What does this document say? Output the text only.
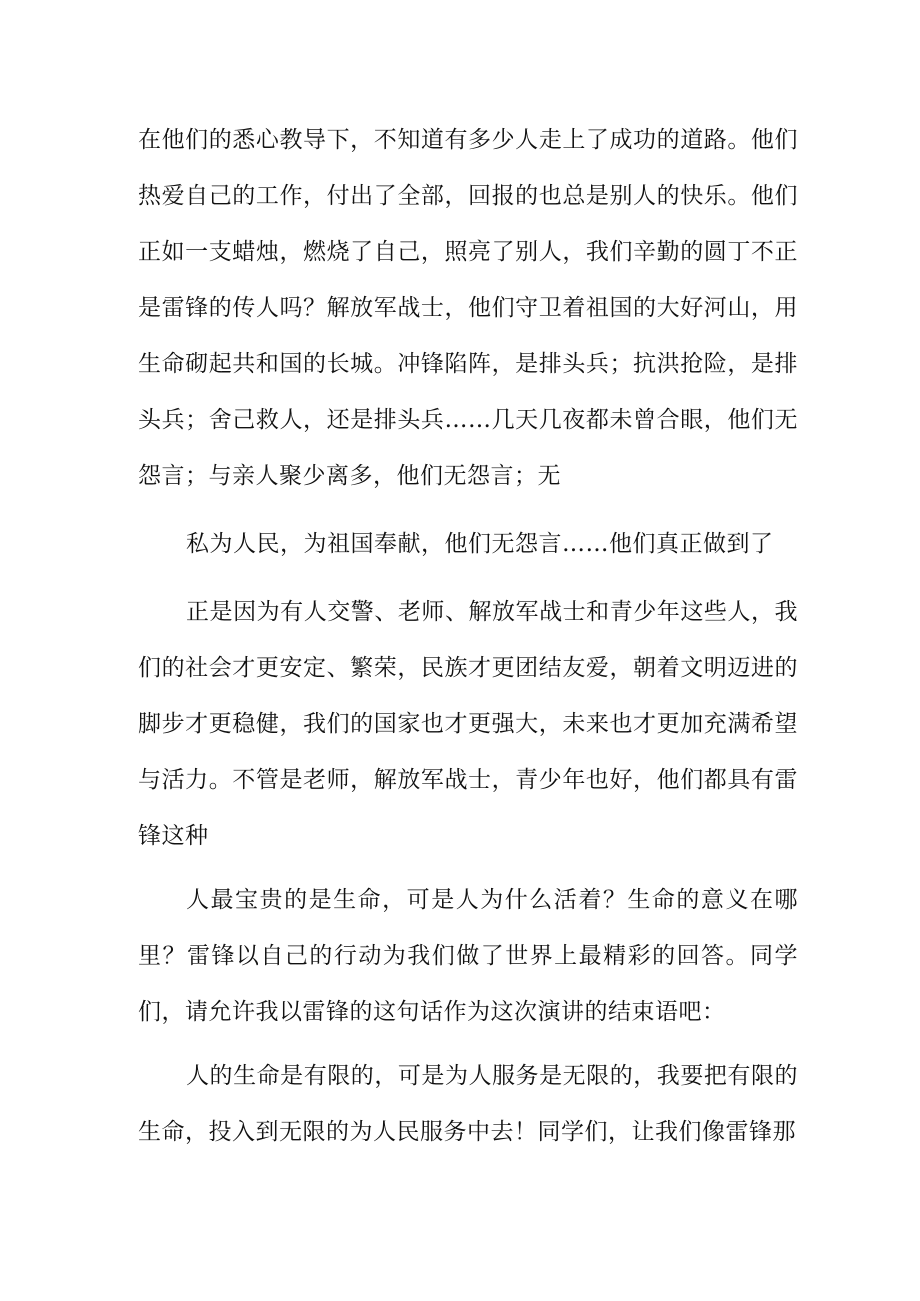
在他们的悉心教导下，不知道有多少人走上了成功的道路。他们热爱自己的工作，付出了全部，回报的也总是别人的快乐。他们正如一支蜡烛，燃烧了自己，照亮了别人，我们辛勤的圆丁不正是雷锋的传人吗？解放军战士，他们守卫着祖国的大好河山，用生命砌起共和国的长城。冲锋陷阵，是排头兵；抗洪抢险，是排头兵；舍己救人，还是排头兵……几天几夜都未曾合眼，他们无怨言；与亲人聚少离多，他们无怨言；无

私为人民，为祖国奉献，他们无怨言……他们真正做到了

正是因为有人交警、老师、解放军战士和青少年这些人，我们的社会才更安定、繁荣，民族才更团结友爱，朝着文明迈进的脚步才更稳健，我们的国家也才更强大，未来也才更加充满希望与活力。不管是老师，解放军战士，青少年也好，他们都具有雷锋这种

人最宝贵的是生命，可是人为什么活着？生命的意义在哪里？雷锋以自己的行动为我们做了世界上最精彩的回答。同学们，请允许我以雷锋的这句话作为这次演讲的结束语吧：

人的生命是有限的，可是为人服务是无限的，我要把有限的生命，投入到无限的为人民服务中去！同学们，让我们像雷锋那
